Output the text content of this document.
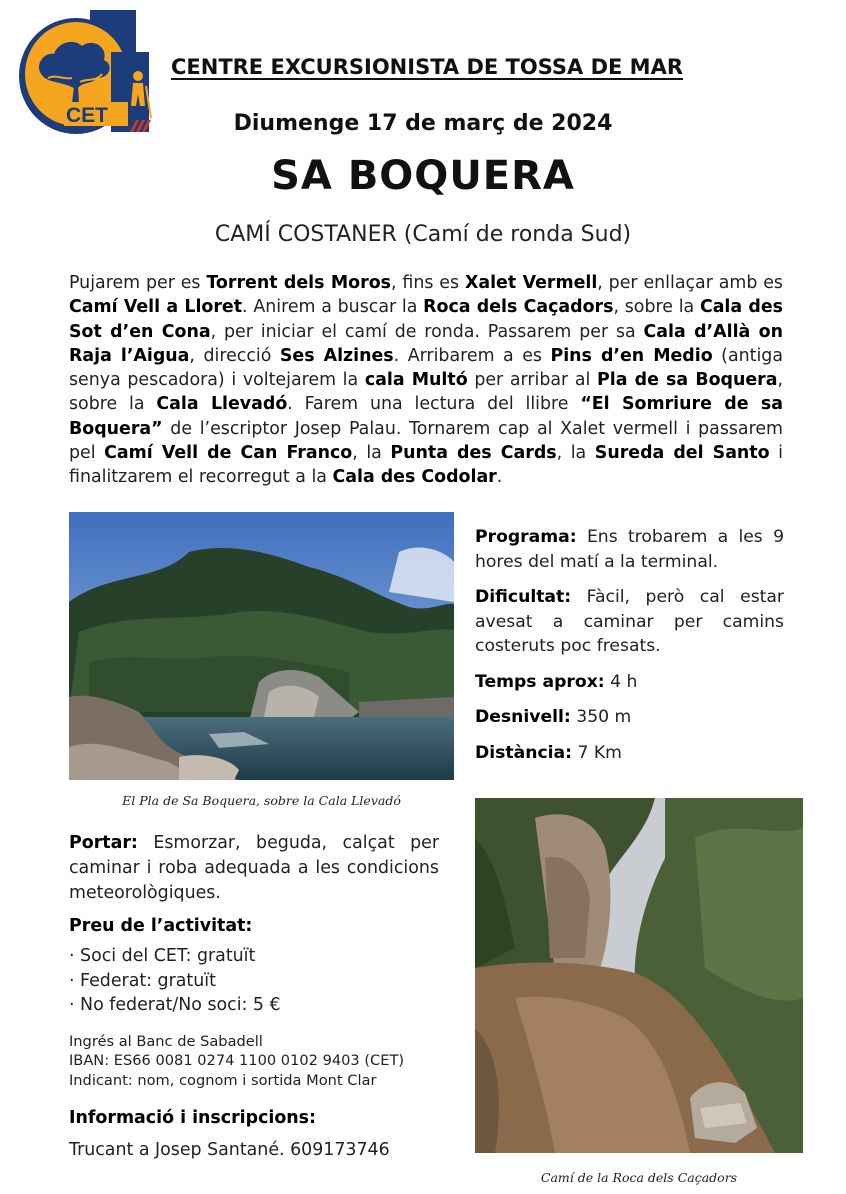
CET
CENTRE EXCURSIONISTA DE TOSSA DE MAR
Diumenge 17 de març de 2024
SA BOQUERA
CAMÍ COSTANER (Camí de ronda Sud)
Pujarem per es Torrent dels Moros, fins es Xalet Vermell, per enllaçar amb es Camí Vell a Lloret. Anirem a buscar la Roca dels Caçadors, sobre la Cala des Sot d’en Cona, per iniciar el camí de ronda. Passarem per sa Cala d’Allà on Raja l’Aigua, direcció Ses Alzines. Arribarem a es Pins d’en Medio (antiga senya pescadora) i voltejarem la cala Multó per arribar al Pla de sa Boquera, sobre la Cala Llevadó. Farem una lectura del llibre “El Somriure de sa Boquera” de l’escriptor Josep Palau. Tornarem cap al Xalet vermell i passarem pel Camí Vell de Can Franco, la Punta des Cards, la Sureda del Santo i finalitzarem el recorregut a la Cala des Codolar.
El Pla de Sa Boquera, sobre la Cala Llevadó

Programa: Ens trobarem a les 9 hores del matí a la terminal.

Dificultat: Fàcil, però cal estar avesat a caminar per camins costeruts poc fresats.

Temps aprox: 4 h

Desnivell: 350 m

Distància: 7 Km

Camí de la Roca dels Caçadors

Portar: Esmorzar, beguda, calçat per caminar i roba adequada a les condicions meteorològiques.

Preu de l’activitat:
· Soci del CET: gratuït
· Federat: gratuït
· No federat/No soci: 5 €
Ingrés al Banc de Sabadell
IBAN: ES66 0081 0274 1100 0102 9403 (CET)
Indicant: nom, cognom i sortida Mont Clar
Informació i inscripcions:
Trucant a Josep Santané. 609173746
